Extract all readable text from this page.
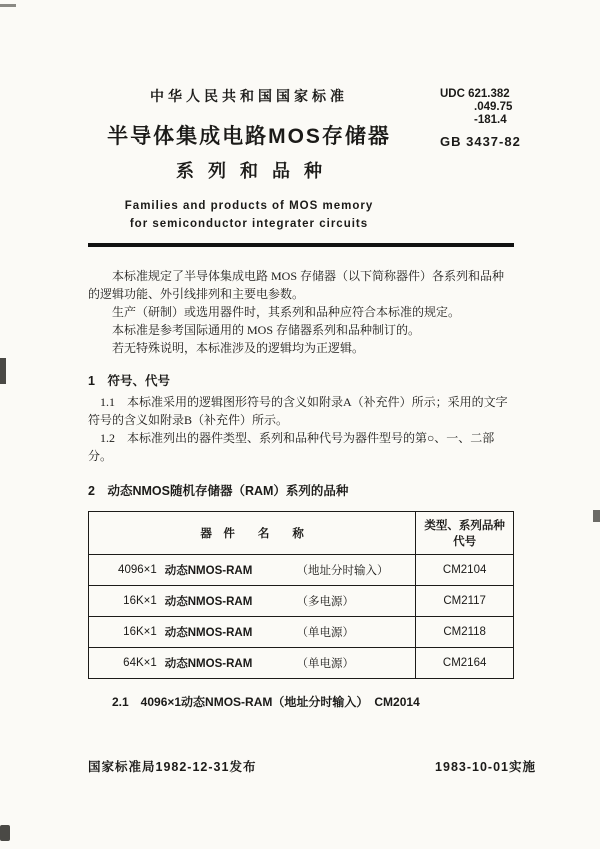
中华人民共和国国家标准
半导体集成电路MOS存储器
系列和品种
Families and products of MOS memory
for semiconductor integrater circuits
UDC 621.382
.049.75
-181.4
GB 3437-82

本标准规定了半导体集成电路 MOS 存储器（以下简称器件）各系列和品种的逻辑功能、外引线排列和主要电参数。

生产（研制）或选用器件时，其系列和品种应符合本标准的规定。

本标准是参考国际通用的 MOS 存储器系列和品种制订的。

若无特殊说明，本标准涉及的逻辑均为正逻辑。

1　符号、代号

1.1　本标准采用的逻辑图形符号的含义如附录A（补充件）所示；采用的文字符号的含义如附录B（补充件）所示。

1.2　本标准列出的器件类型、系列和品种代号为器件型号的第○、一、二部分。

2　动态NMOS随机存储器（RAM）系列的品种
器　件　　名　　称			类型、系列品种代号
4096×1	动态NMOS-RAM	（地址分时输入）	CM2104
16K×1	动态NMOS-RAM	（多电源）	CM2117
16K×1	动态NMOS-RAM	（单电源）	CM2118
64K×1	动态NMOS-RAM	（单电源）	CM2164
2.1　4096×1动态NMOS-RAM（地址分时输入）　CM2014
国家标准局1982-12-31发布	1983-10-01实施
